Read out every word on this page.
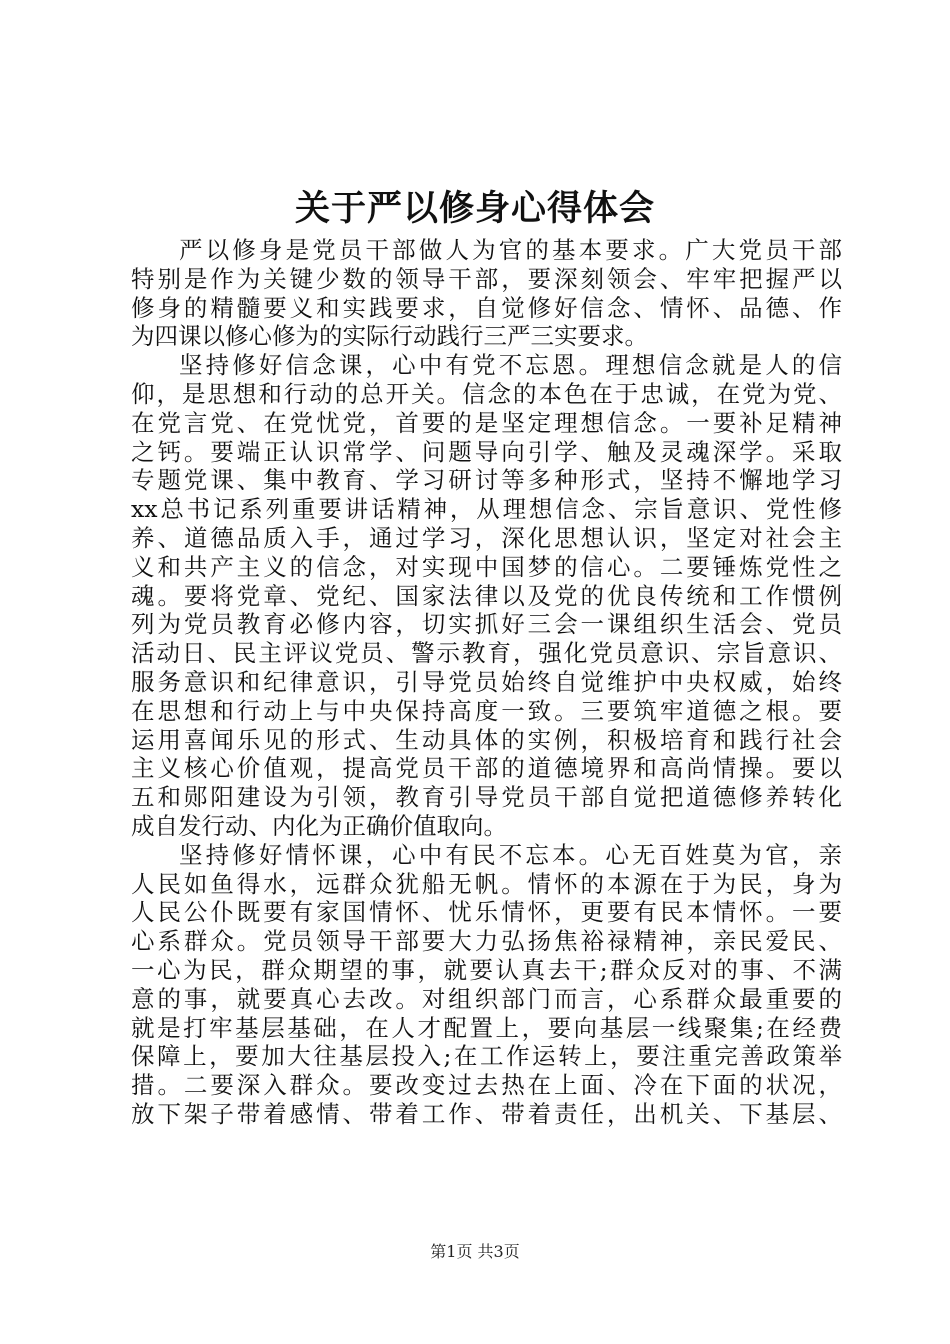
关于严以修身心得体会
严以修身是党员干部做人为官的基本要求。广大党员干部
特别是作为关键少数的领导干部，要深刻领会、牢牢把握严以
修身的精髓要义和实践要求，自觉修好信念、情怀、品德、作
为四课以修心修为的实际行动践行三严三实要求。
坚持修好信念课，心中有党不忘恩。理想信念就是人的信
仰，是思想和行动的总开关。信念的本色在于忠诚，在党为党、
在党言党、在党忧党，首要的是坚定理想信念。一要补足精神
之钙。要端正认识常学、问题导向引学、触及灵魂深学。采取
专题党课、集中教育、学习研讨等多种形式，坚持不懈地学习
xx总书记系列重要讲话精神，从理想信念、宗旨意识、党性修
养、道德品质入手，通过学习，深化思想认识，坚定对社会主
义和共产主义的信念，对实现中国梦的信心。二要锤炼党性之
魂。要将党章、党纪、国家法律以及党的优良传统和工作惯例
列为党员教育必修内容，切实抓好三会一课组织生活会、党员
活动日、民主评议党员、警示教育，强化党员意识、宗旨意识、
服务意识和纪律意识，引导党员始终自觉维护中央权威，始终
在思想和行动上与中央保持高度一致。三要筑牢道德之根。要
运用喜闻乐见的形式、生动具体的实例，积极培育和践行社会
主义核心价值观，提高党员干部的道德境界和高尚情操。要以
五和郧阳建设为引领，教育引导党员干部自觉把道德修养转化
成自发行动、内化为正确价值取向。
坚持修好情怀课，心中有民不忘本。心无百姓莫为官，亲
人民如鱼得水，远群众犹船无帆。情怀的本源在于为民，身为
人民公仆既要有家国情怀、忧乐情怀，更要有民本情怀。一要
心系群众。党员领导干部要大力弘扬焦裕禄精神，亲民爱民、
一心为民，群众期望的事，就要认真去干;群众反对的事、不满
意的事，就要真心去改。对组织部门而言，心系群众最重要的
就是打牢基层基础，在人才配置上，要向基层一线聚集;在经费
保障上，要加大往基层投入;在工作运转上，要注重完善政策举
措。二要深入群众。要改变过去热在上面、冷在下面的状况，
放下架子带着感情、带着工作、带着责任，出机关、下基层、
第1页 共3页
